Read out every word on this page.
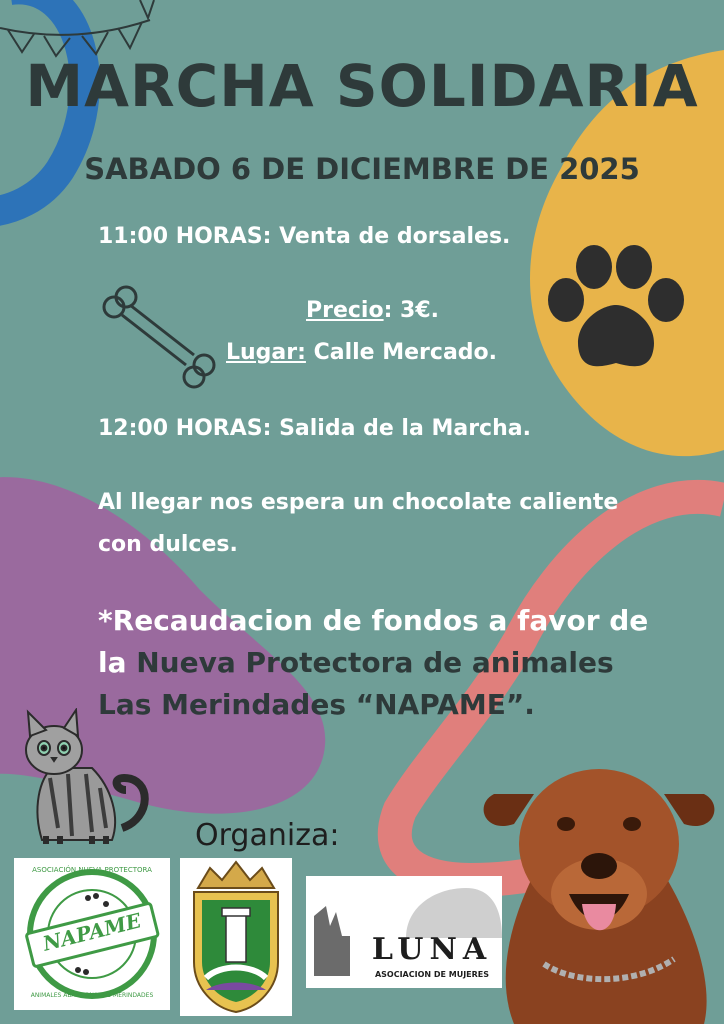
MARCHA SOLIDARIA
SABADO 6 DE DICIEMBRE DE 2025
11:00 HORAS: Venta de dorsales.
Precio: 3€.
Lugar: Calle Mercado.
12:00 HORAS: Salida de la Marcha.
Al llegar nos espera un chocolate caliente
con dulces.
*Recaudacion de fondos a favor de
la Nueva Protectora de animales
Las Merindades “NAPAME”.
Organiza:
ASOCIACIÓN NUEVA PROTECTORA
NAPAME
ANIMALES ABANDONADOS MERINDADES
LUNA
ASOCIACION DE MUJERES
